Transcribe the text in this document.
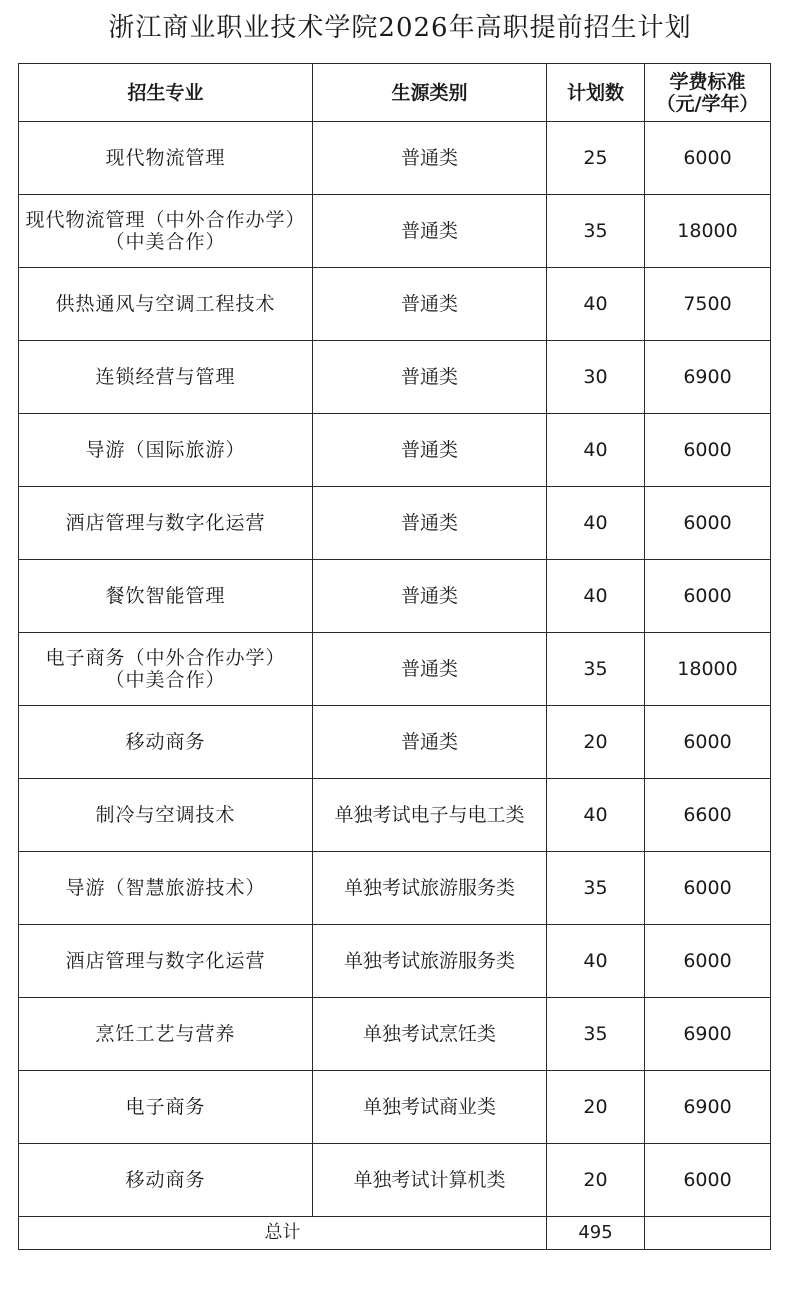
浙江商业职业技术学院2026年高职提前招生计划
招生专业	生源类别	计划数	学费标准
（元/学年）

现代物流管理	普通类	25	6000

现代物流管理（中外合作办学）
（中美合作）	普通类	35	18000

供热通风与空调工程技术	普通类	40	7500

连锁经营与管理	普通类	30	6900

导游（国际旅游）	普通类	40	6000

酒店管理与数字化运营	普通类	40	6000

餐饮智能管理	普通类	40	6000

电子商务（中外合作办学）
（中美合作）	普通类	35	18000

移动商务	普通类	20	6000

制冷与空调技术	单独考试电子与电工类	40	6600

导游（智慧旅游技术）	单独考试旅游服务类	35	6000

酒店管理与数字化运营	单独考试旅游服务类	40	6000

烹饪工艺与营养	单独考试烹饪类	35	6900

电子商务	单独考试商业类	20	6900

移动商务	单独考试计算机类	20	6000
总计		495	
